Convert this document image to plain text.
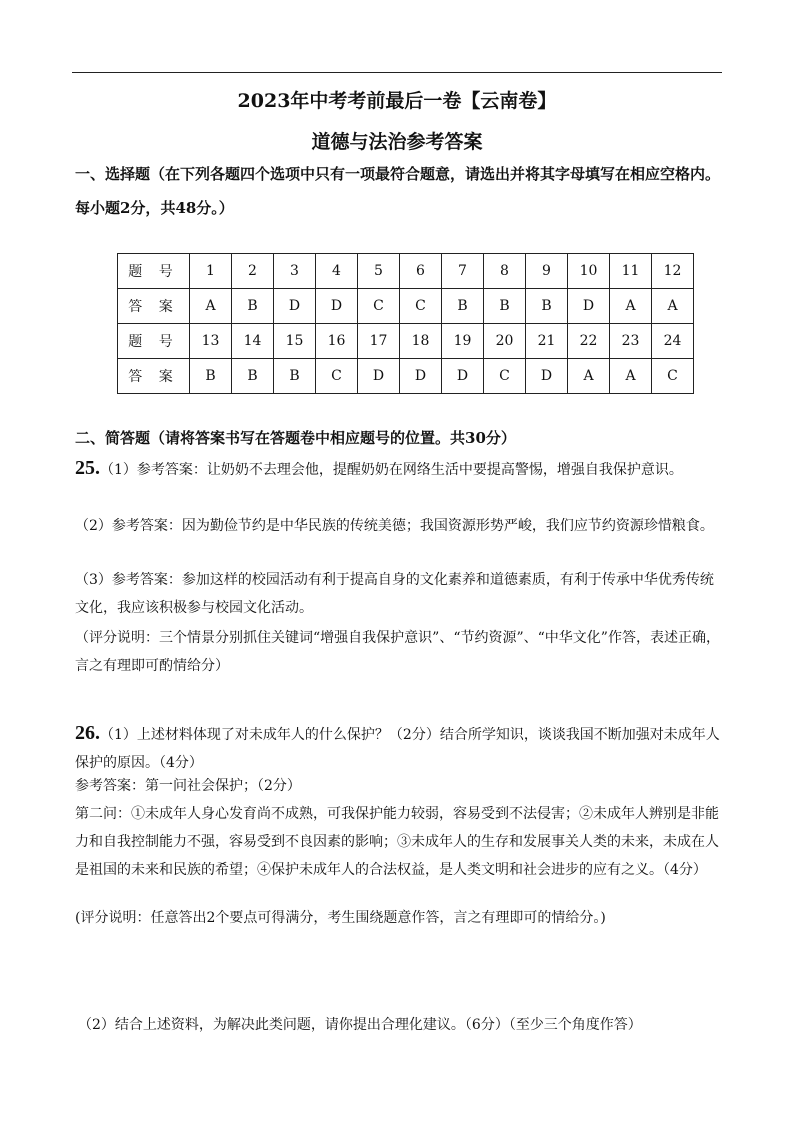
2023年中考考前最后一卷【云南卷】
道德与法治参考答案
一、选择题（在下列各题四个选项中只有一项最符合题意，请选出并将其字母填写在相应空格内。每小题2分，共48分。）
题 号	1	2	3	4	5	6	7	8	9	10	11	12
答 案	A	B	D	D	C	C	B	B	B	D	A	A
题 号	13	14	15	16	17	18	19	20	21	22	23	24
答 案	B	B	B	C	D	D	D	C	D	A	A	C
二、简答题（请将答案书写在答题卷中相应题号的位置。共30分）
25.（1）参考答案：让奶奶不去理会他，提醒奶奶在网络生活中要提高警惕，增强自我保护意识。
（2）参考答案：因为勤俭节约是中华民族的传统美德；我国资源形势严峻，我们应节约资源珍惜粮食。
（3）参考答案：参加这样的校园活动有利于提高自身的文化素养和道德素质，有利于传承中华优秀传统文化，我应该积极参与校园文化活动。
（评分说明：三个情景分别抓住关键词“增强自我保护意识”、“节约资源”、“中华文化”作答，表述正确，言之有理即可酌情给分）
26.（1）上述材料体现了对未成年人的什么保护？（2分）结合所学知识，谈谈我国不断加强对未成年人保护的原因。（4分）
参考答案：第一问社会保护；（2分）
第二问：①未成年人身心发育尚不成熟，可我保护能力较弱，容易受到不法侵害；②未成年人辨别是非能力和自我控制能力不强，容易受到不良因素的影响；③未成年人的生存和发展事关人类的未来，未成在人是祖国的未来和民族的希望；④保护未成年人的合法权益，是人类文明和社会进步的应有之义。（4分）
(评分说明：任意答出2个要点可得满分，考生围绕题意作答，言之有理即可的情给分。)
（2）结合上述资料，为解决此类问题，请你提出合理化建议。（6分）（至少三个角度作答）
